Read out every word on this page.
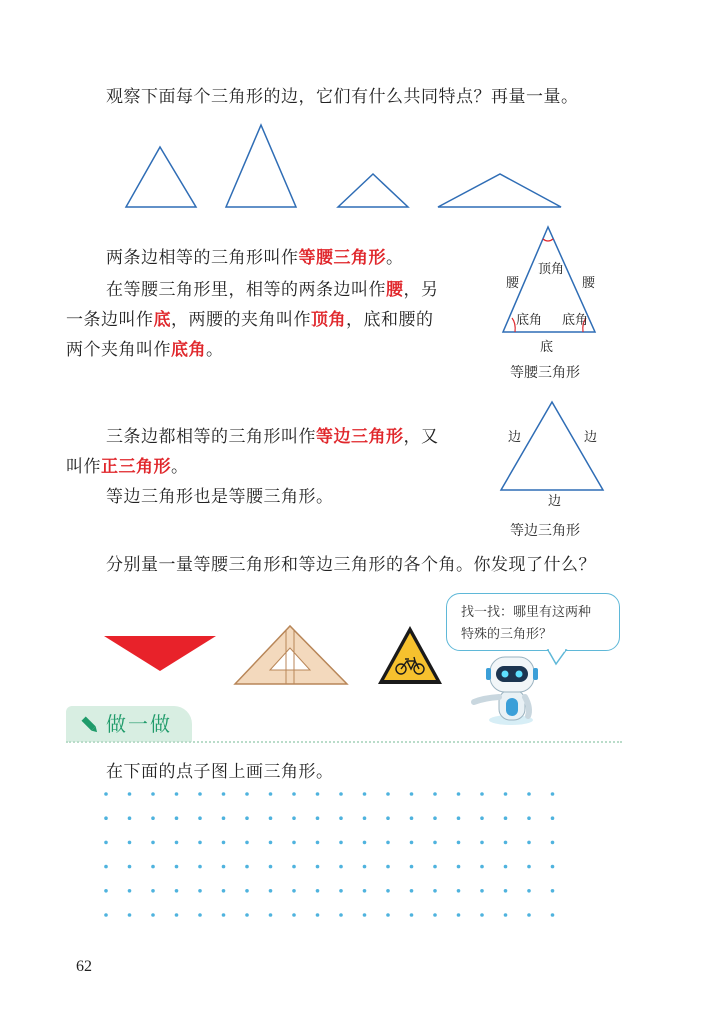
观察下面每个三角形的边，它们有什么共同特点？再量一量。
两条边相等的三角形叫作等腰三角形。
在等腰三角形里，相等的两条边叫作腰，另
一条边叫作底，两腰的夹角叫作顶角，底和腰的
两个夹角叫作底角。
腰	腰
顶角
底角 底角
底
等腰三角形
三条边都相等的三角形叫作等边三角形，又
叫作正三角形。
等边三角形也是等腰三角形。
边	边
边
等边三角形
分别量一量等腰三角形和等边三角形的各个角。你发现了什么？
找一找：哪里有这两种
特殊的三角形？
做一做
在下面的点子图上画三角形。
62
